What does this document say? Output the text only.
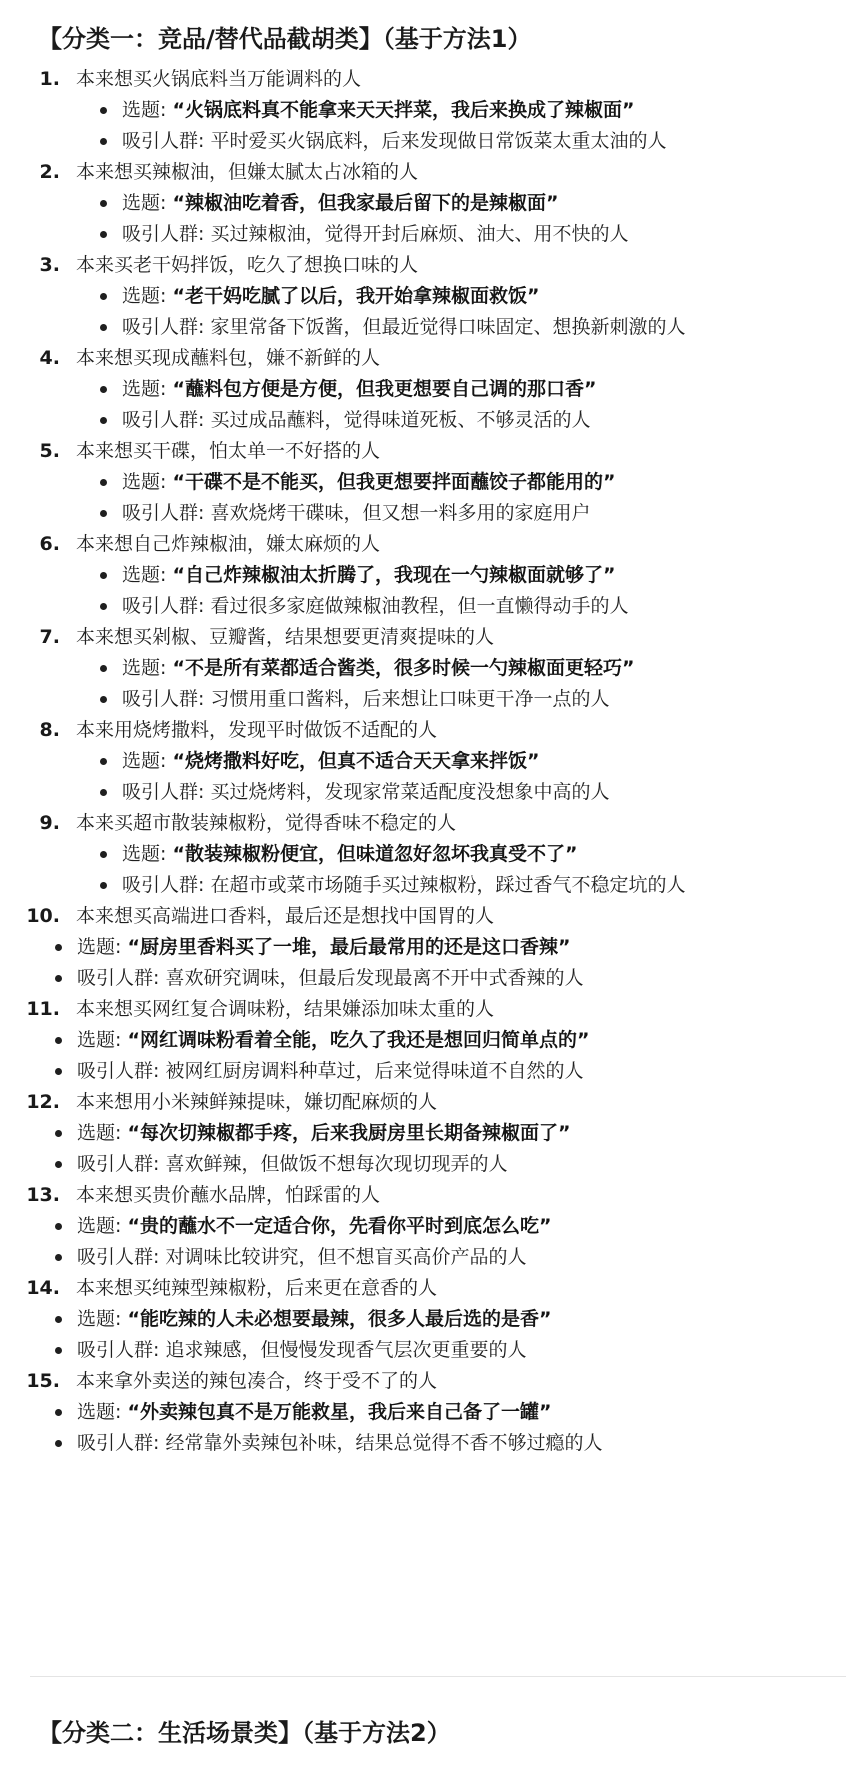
【分类一：竞品/替代品截胡类】（基于方法1）
1. 本来想买火锅底料当万能调料的人
选题: “火锅底料真不能拿来天天拌菜，我后来换成了辣椒面”
吸引人群: 平时爱买火锅底料，后来发现做日常饭菜太重太油的人
2. 本来想买辣椒油，但嫌太腻太占冰箱的人
选题: “辣椒油吃着香，但我家最后留下的是辣椒面”
吸引人群: 买过辣椒油，觉得开封后麻烦、油大、用不快的人
3. 本来买老干妈拌饭，吃久了想换口味的人
选题: “老干妈吃腻了以后，我开始拿辣椒面救饭”
吸引人群: 家里常备下饭酱，但最近觉得口味固定、想换新刺激的人
4. 本来想买现成蘸料包，嫌不新鲜的人
选题: “蘸料包方便是方便，但我更想要自己调的那口香”
吸引人群: 买过成品蘸料，觉得味道死板、不够灵活的人
5. 本来想买干碟，怕太单一不好搭的人
选题: “干碟不是不能买，但我更想要拌面蘸饺子都能用的”
吸引人群: 喜欢烧烤干碟味，但又想一料多用的家庭用户
6. 本来想自己炸辣椒油，嫌太麻烦的人
选题: “自己炸辣椒油太折腾了，我现在一勺辣椒面就够了”
吸引人群: 看过很多家庭做辣椒油教程，但一直懒得动手的人
7. 本来想买剁椒、豆瓣酱，结果想要更清爽提味的人
选题: “不是所有菜都适合酱类，很多时候一勺辣椒面更轻巧”
吸引人群: 习惯用重口酱料，后来想让口味更干净一点的人
8. 本来用烧烤撒料，发现平时做饭不适配的人
选题: “烧烤撒料好吃，但真不适合天天拿来拌饭”
吸引人群: 买过烧烤料，发现家常菜适配度没想象中高的人
9. 本来买超市散装辣椒粉，觉得香味不稳定的人
选题: “散装辣椒粉便宜，但味道忽好忽坏我真受不了”
吸引人群: 在超市或菜市场随手买过辣椒粉，踩过香气不稳定坑的人
10. 本来想买高端进口香料，最后还是想找中国胃的人
选题: “厨房里香料买了一堆，最后最常用的还是这口香辣”
吸引人群: 喜欢研究调味，但最后发现最离不开中式香辣的人
11. 本来想买网红复合调味粉，结果嫌添加味太重的人
选题: “网红调味粉看着全能，吃久了我还是想回归简单点的”
吸引人群: 被网红厨房调料种草过，后来觉得味道不自然的人
12. 本来想用小米辣鲜辣提味，嫌切配麻烦的人
选题: “每次切辣椒都手疼，后来我厨房里长期备辣椒面了”
吸引人群: 喜欢鲜辣，但做饭不想每次现切现弄的人
13. 本来想买贵价蘸水品牌，怕踩雷的人
选题: “贵的蘸水不一定适合你，先看你平时到底怎么吃”
吸引人群: 对调味比较讲究，但不想盲买高价产品的人
14. 本来想买纯辣型辣椒粉，后来更在意香的人
选题: “能吃辣的人未必想要最辣，很多人最后选的是香”
吸引人群: 追求辣感，但慢慢发现香气层次更重要的人
15. 本来拿外卖送的辣包凑合，终于受不了的人
选题: “外卖辣包真不是万能救星，我后来自己备了一罐”
吸引人群: 经常靠外卖辣包补味，结果总觉得不香不够过瘾的人
【分类二：生活场景类】（基于方法2）
